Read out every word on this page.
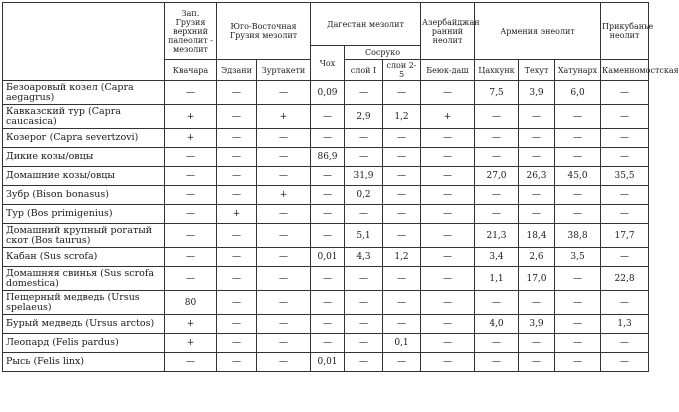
	Зап. Грузия верхний палеолит - мезолит	Юго-Восточная Грузия мезолит		Дагестан мезолит			Азербайджан ранний неолит	Армения энеолит			Прикубанье неолит
				Чох	Сосруко						
	Квачара	Эдзани	Зуртакети		слой I	слои 2-5	Беюк-даш	Цахкунк	Техут	Хатунарх	Каменномостская
Безоаровый козел (Capra aegagrus)	—	—	—	0,09	—	—	—	7,5	3,9	6,0	—
Кавказский тур (Capra caucasica)	+	—	+	—	2,9	1,2	+	—	—	—	—
Козерог (Capra severtzovi)	+	—	—	—	—	—	—	—	—	—	—
Дикие козы/овцы	—	—	—	86,9	—	—	—	—	—	—	—
Домашние козы/овцы	—	—	—	—	31,9	—	—	27,0	26,3	45,0	35,5
Зубр (Bison bonasus)	—	—	+	—	0,2	—	—	—	—	—	—
Тур (Bos primigenius)	—	+	—	—	—	—	—	—	—	—	—
Домашний крупный рогатый скот (Bos taurus)	—	—	—	—	5,1	—	—	21,3	18,4	38,8	17,7
Кабан (Sus scrofa)	—	—	—	0,01	4,3	1,2	—	3,4	2,6	3,5	—
Домашняя свинья (Sus scrofa domestica)	—	—	—	—	—	—	—	1,1	17,0	—	22,8
Пещерный медведь (Ursus spelaeus)	80	—	—	—	—	—	—	—	—	—	—
Бурый медведь (Ursus arctos)	+	—	—	—	—	—	—	4,0	3,9	—	1,3
Леопард (Felis pardus)	+	—	—	—	—	0,1	—	—	—	—	—
Рысь (Felis linx)	—	—	—	0,01	—	—	—	—	—	—	—
